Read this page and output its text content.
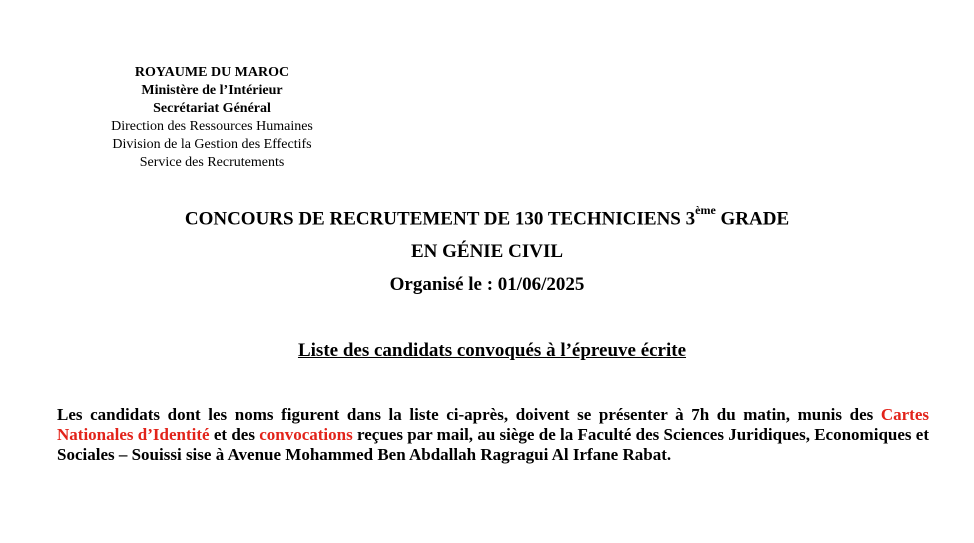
ROYAUME DU MAROC
Ministère de l’Intérieur
Secrétariat Général
Direction des Ressources Humaines
Division de la Gestion des Effectifs
Service des Recrutements
CONCOURS DE RECRUTEMENT DE 130 TECHNICIENS 3ème GRADE
EN GÉNIE CIVIL
Organisé le : 01/06/2025
Liste des candidats convoqués à l’épreuve écrite
Les candidats dont les noms figurent dans la liste ci-après, doivent se présenter à 7h du matin, munis des Cartes Nationales d’Identité et des convocations reçues par mail, au siège de la Faculté des Sciences Juridiques, Economiques et Sociales – Souissi sise à Avenue Mohammed Ben Abdallah Ragragui Al Irfane Rabat.
